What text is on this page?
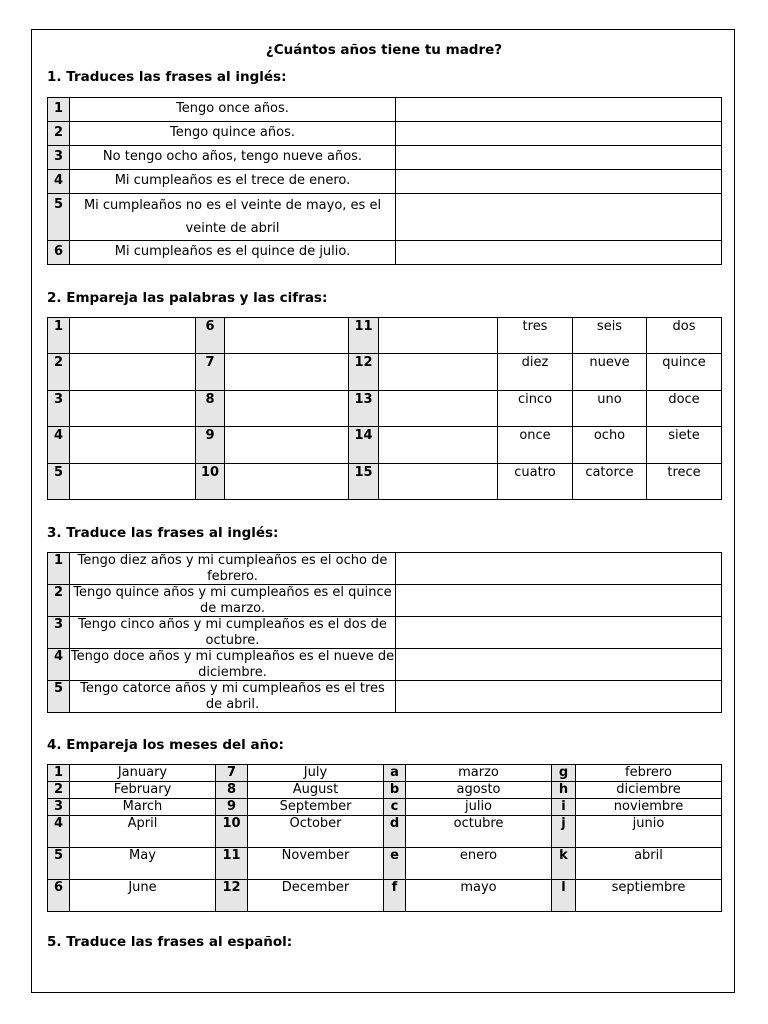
¿Cuántos años tiene tu madre?
1. Traduces las frases al inglés:
1	Tengo once años.	
2	Tengo quince años.	
3	No tengo ocho años, tengo nueve años.	
4	Mi cumpleaños es el trece de enero.	
5	Mi cumpleaños no es el veinte de mayo, es el veinte de abril	
6	Mi cumpleaños es el quince de julio.	
2. Empareja las palabras y las cifras:
1		6		11		tres	seis	dos
2		7		12		diez	nueve	quince
3		8		13		cinco	uno	doce
4		9		14		once	ocho	siete
5		10		15		cuatro	catorce	trece
3. Traduce las frases al inglés:
1	Tengo diez años y mi cumpleaños es el ocho de febrero.	
2	Tengo quince años y mi cumpleaños es el quince de marzo.	
3	Tengo cinco años y mi cumpleaños es el dos de octubre.	
4	Tengo doce años y mi cumpleaños es el nueve de diciembre.	
5	Tengo catorce años y mi cumpleaños es el tres de abril.	
4. Empareja los meses del año:
1	January	7	July	a	marzo	g	febrero
2	February	8	August	b	agosto	h	diciembre
3	March	9	September	c	julio	i	noviembre
4	April	10	October	d	octubre	j	junio
5	May	11	November	e	enero	k	abril
6	June	12	December	f	mayo	l	septiembre
5. Traduce las frases al español:
